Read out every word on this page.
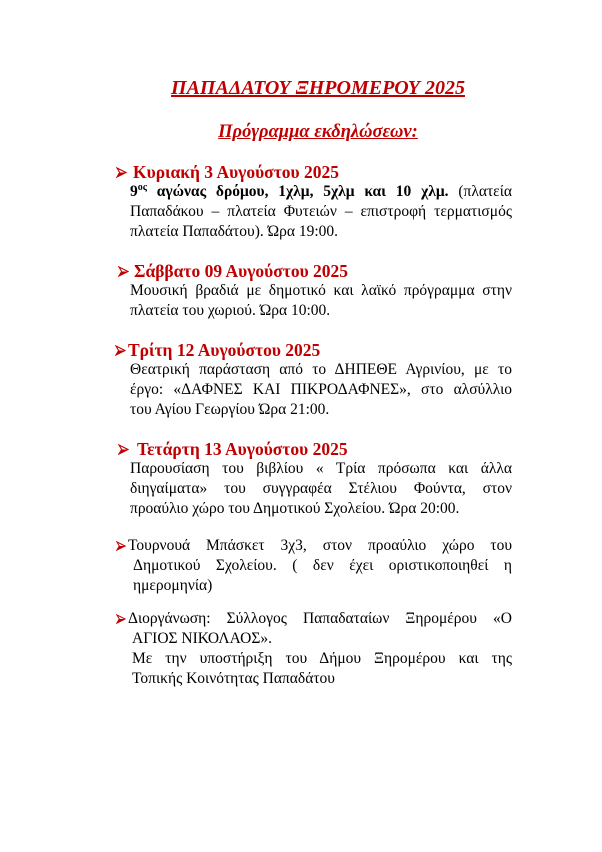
ΠΑΠΑΔΑΤΟΥ ΞΗΡΟΜΕΡΟΥ 2025
Πρόγραμμα εκδηλώσεων:
Κυριακή 3 Αυγούστου 2025
$9^{o\varsigma}$ αγώνας δρόμου, 1χλμ, 5χλμ και 10 χλμ. (πλατεία
Παπαδάκου – πλατεία Φυτειών – επιστροφή τερματισμός
πλατεία Παπαδάτου). Ώρα 19:00.
Σάββατο 09 Αυγούστου 2025
Μουσική βραδιά με δημοτικό και λαϊκό πρόγραμμα στην
πλατεία του χωριού. Ώρα 10:00.
Τρίτη 12 Αυγούστου 2025
Θεατρική παράσταση από το ΔΗΠΕΘΕ Αγρινίου, με το
έργο: «ΔΑΦΝΕΣ ΚΑΙ ΠΙΚΡΟΔΑΦΝΕΣ», στο αλσύλλιο
του Αγίου Γεωργίου Ώρα 21:00.
Τετάρτη 13 Αυγούστου 2025
Παρουσίαση του βιβλίου « Τρία πρόσωπα και άλλα
διηγαίματα» του συγγραφέα Στέλιου Φούντα, στον
προαύλιο χώρο του Δημοτικού Σχολείου. Ώρα 20:00.
Τουρνουά Μπάσκετ 3χ3, στον προαύλιο χώρο του
Δημοτικού Σχολείου. ( δεν έχει οριστικοποιηθεί η
ημερομηνία)
Διοργάνωση: Σύλλογος Παπαδαταίων Ξηρομέρου «Ο
ΑΓΙΟΣ ΝΙΚΟΛΑΟΣ».
Με την υποστήριξη του Δήμου Ξηρομέρου και της
Τοπικής Κοινότητας Παπαδάτου
